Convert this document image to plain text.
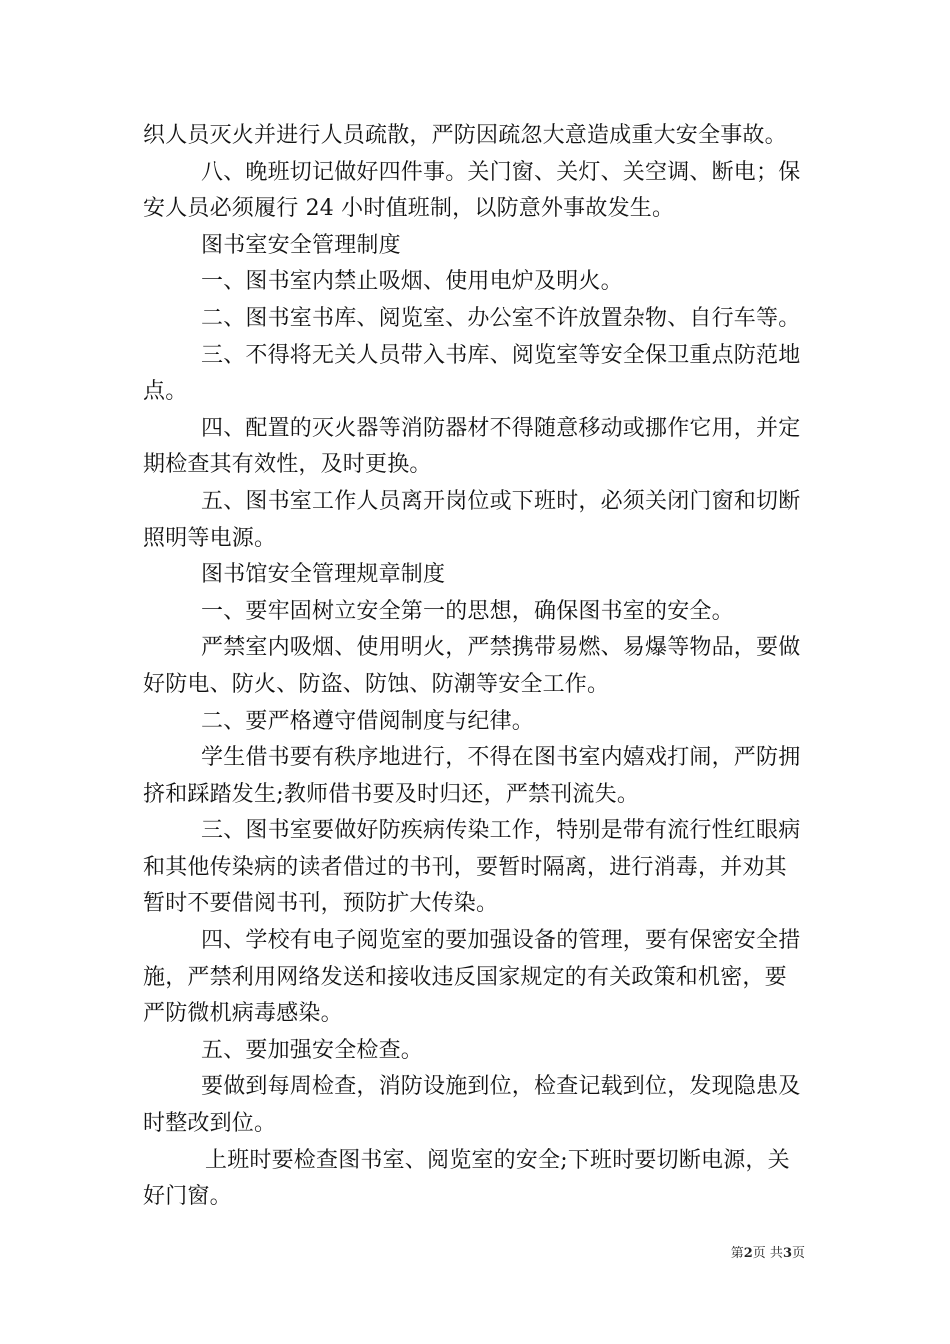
织人员灭火并进行人员疏散，严防因疏忽大意造成重大安全事故。
八、晚班切记做好四件事。关门窗、关灯、关空调、断电；保
安人员必须履行 24 小时值班制，以防意外事故发生。
图书室安全管理制度
一、图书室内禁止吸烟、使用电炉及明火。
二、图书室书库、阅览室、办公室不许放置杂物、自行车等。
三、不得将无关人员带入书库、阅览室等安全保卫重点防范地
点。
四、配置的灭火器等消防器材不得随意移动或挪作它用，并定
期检查其有效性，及时更换。
五、图书室工作人员离开岗位或下班时，必须关闭门窗和切断
照明等电源。
图书馆安全管理规章制度
一、要牢固树立安全第一的思想，确保图书室的安全。
严禁室内吸烟、使用明火，严禁携带易燃、易爆等物品，要做
好防电、防火、防盗、防蚀、防潮等安全工作。
二、要严格遵守借阅制度与纪律。
学生借书要有秩序地进行，不得在图书室内嬉戏打闹，严防拥
挤和踩踏发生;教师借书要及时归还，严禁刊流失。
三、图书室要做好防疾病传染工作，特别是带有流行性红眼病
和其他传染病的读者借过的书刊，要暂时隔离，进行消毒，并劝其
暂时不要借阅书刊，预防扩大传染。
四、学校有电子阅览室的要加强设备的管理，要有保密安全措
施，严禁利用网络发送和接收违反国家规定的有关政策和机密，要
严防微机病毒感染。
五、要加强安全检查。
要做到每周检查，消防设施到位，检查记载到位，发现隐患及
时整改到位。
上班时要检查图书室、阅览室的安全;下班时要切断电源，关
好门窗。
第2页 共3页
